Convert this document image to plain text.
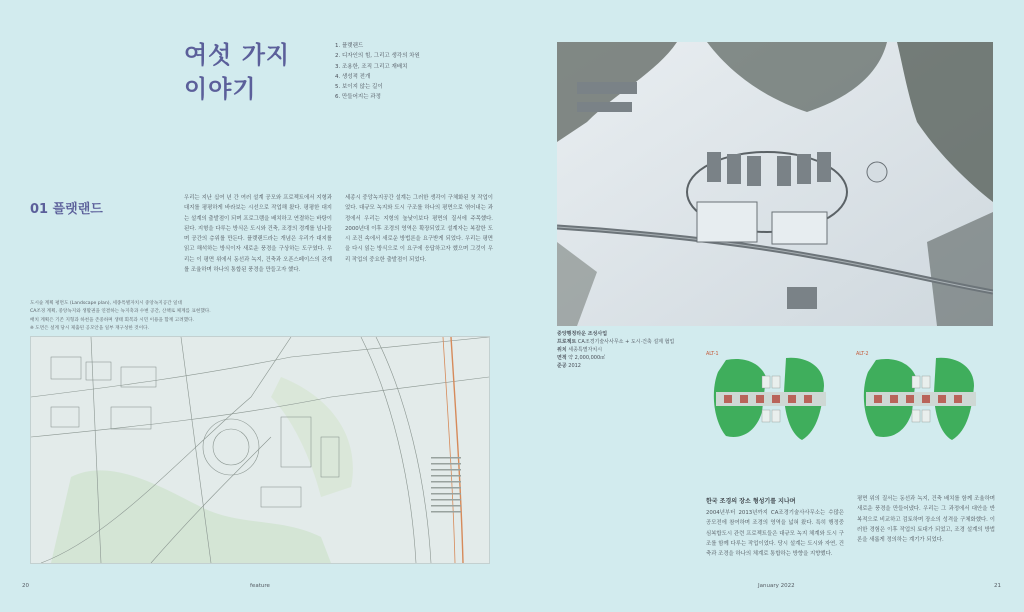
여섯 가지
이야기
1. 플랫랜드
2. 디자인의 힘, 그리고 생각의 차원
3. 조용한, 조직 그리고 재배치
4. 생성적 전개
5. 보이지 않는 길이
6. 만들어지는 과정
01 플랫랜드

우리는 지난 십여 년 간 여러 설계 공모와 프로젝트에서 지형과 대지를 평평하게 바라보는 시선으로 작업해 왔다. 평평한 대지는 설계의 출발점이 되며 프로그램을 배치하고 연결하는 바탕이 된다. 지형을 다루는 방식은 도시와 건축, 조경의 경계를 넘나들며 공간의 층위를 만든다. 플랫랜드라는 개념은 우리가 대지를 읽고 해석하는 방식이자 새로운 풍경을 구상하는 도구였다. 우리는 이 평면 위에서 동선과 녹지, 건축과 오픈스페이스의 관계를 조율하며 하나의 통합된 풍경을 만들고자 했다.

세종시 중앙녹지공간 설계는 그러한 생각이 구체화된 첫 작업이었다. 대규모 녹지와 도시 구조를 하나의 평면으로 엮어내는 과정에서 우리는 지형의 높낮이보다 평면의 질서에 주목했다. 2000년대 이후 조경의 영역은 확장되었고 설계자는 복잡한 도시 조건 속에서 새로운 방법론을 요구받게 되었다. 우리는 평면을 다시 읽는 방식으로 이 요구에 응답하고자 했으며 그것이 우리 작업의 중요한 출발점이 되었다.

도시숲 계획 평면도 (Landscape plan), 세종특별자치시 중앙녹지공간 일대
CA조경 계획, 중앙녹지와 생활권을 연결하는 녹지축과 수변 공간, 산책로 체계를 표현했다.
배치 계획은 기존 지형과 하천을 존중하며 생태 회복과 시민 이용을 함께 고려했다.
※ 도면은 설계 당시 제출된 공모안을 일부 재구성한 것이다.
중앙행정타운 조성사업
프로젝트 CA조경기술사사무소 + 도시·건축 설계 협업
위치 세종특별자치시
면적 약 2,000,000㎡
준공 2012
ALT-1	ALT-2
한국 조경의 장소 형성기를 지나며

2004년부터 2013년까지 CA조경기술사사무소는 수많은 공모전에 참여하며 조경의 영역을 넓혀 왔다. 특히 행정중심복합도시 관련 프로젝트들은 대규모 녹지 체계와 도시 구조를 함께 다루는 작업이었다. 당시 설계는 도시와 자연, 건축과 조경을 하나의 체계로 통합하는 방향을 지향했다.

평면 위의 질서는 동선과 녹지, 건축 배치를 함께 조율하며 새로운 풍경을 만들어냈다. 우리는 그 과정에서 대안을 반복적으로 비교하고 검토하며 장소의 성격을 구체화했다. 이러한 경험은 이후 작업의 토대가 되었고, 조경 설계의 방법론을 새롭게 정의하는 계기가 되었다.

20	feature	January 2022	21
